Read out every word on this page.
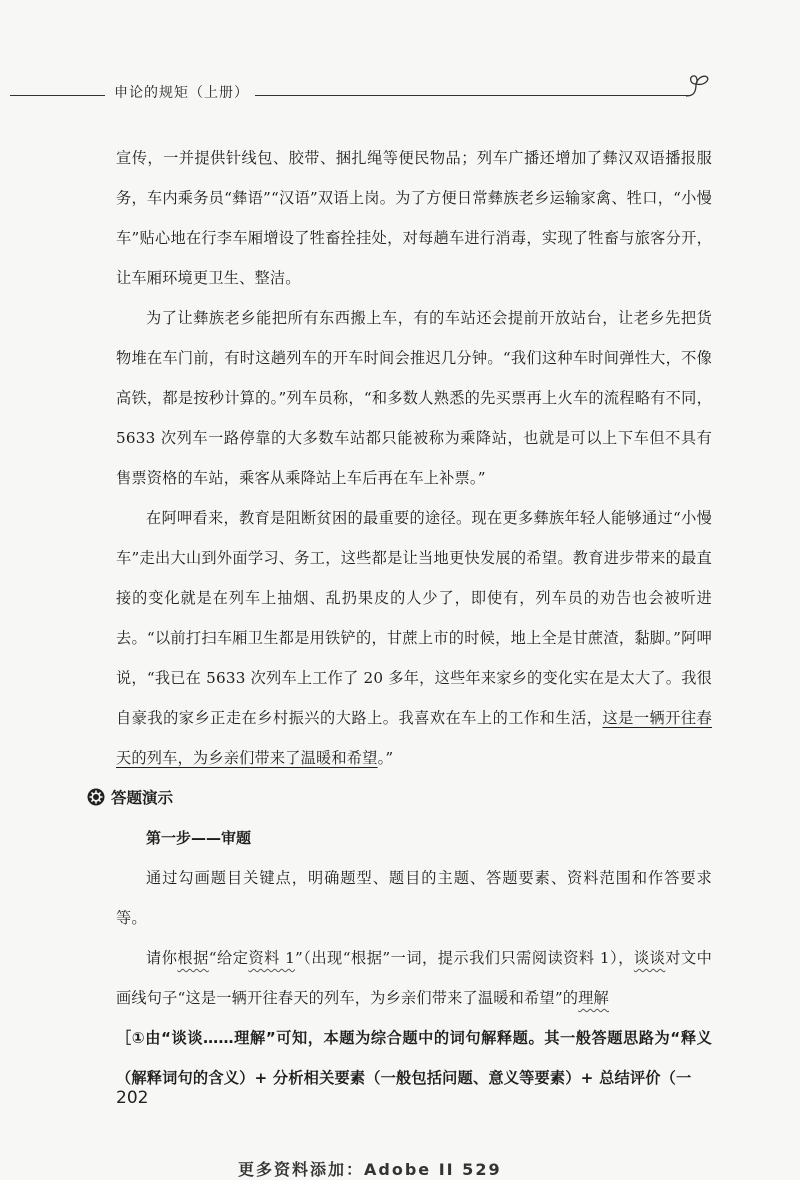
申论的规矩（上册）

宣传，一并提供针线包、胶带、捆扎绳等便民物品；列车广播还增加了彝汉双语播报服务，车内乘务员“彝语”“汉语”双语上岗。为了方便日常彝族老乡运输家禽、牲口，“小慢车”贴心地在行李车厢增设了牲畜拴挂处，对每趟车进行消毒，实现了牲畜与旅客分开，让车厢环境更卫生、整洁。

为了让彝族老乡能把所有东西搬上车，有的车站还会提前开放站台，让老乡先把货物堆在车门前，有时这趟列车的开车时间会推迟几分钟。“我们这种车时间弹性大，不像高铁，都是按秒计算的。”列车员称，“和多数人熟悉的先买票再上火车的流程略有不同，5633 次列车一路停靠的大多数车站都只能被称为乘降站，也就是可以上下车但不具有售票资格的车站，乘客从乘降站上车后再在车上补票。”

在阿呷看来，教育是阻断贫困的最重要的途径。现在更多彝族年轻人能够通过“小慢车”走出大山到外面学习、务工，这些都是让当地更快发展的希望。教育进步带来的最直接的变化就是在列车上抽烟、乱扔果皮的人少了，即使有，列车员的劝告也会被听进去。“以前打扫车厢卫生都是用铁铲的，甘蔗上市的时候，地上全是甘蔗渣，黏脚。”阿呷说，“我已在 5633 次列车上工作了 20 多年，这些年来家乡的变化实在是太大了。我很自豪我的家乡正走在乡村振兴的大路上。我喜欢在车上的工作和生活，这是一辆开往春天的列车，为乡亲们带来了温暖和希望。”

答题演示
第一步——审题

通过勾画题目关键点，明确题型、题目的主题、答题要素、资料范围和作答要求等。

请你根据“给定资料 1”（出现“根据”一词，提示我们只需阅读资料 1），谈谈对文中画线句子“这是一辆开往春天的列车，为乡亲们带来了温暖和希望”的理解

［①由“谈谈……理解”可知，本题为综合题中的词句解释题。其一般答题思路为“释义（解释词句的含义）+ 分析相关要素（一般包括问题、意义等要素）+ 总结评价（一

202
更多资料添加：Adobe II 529
